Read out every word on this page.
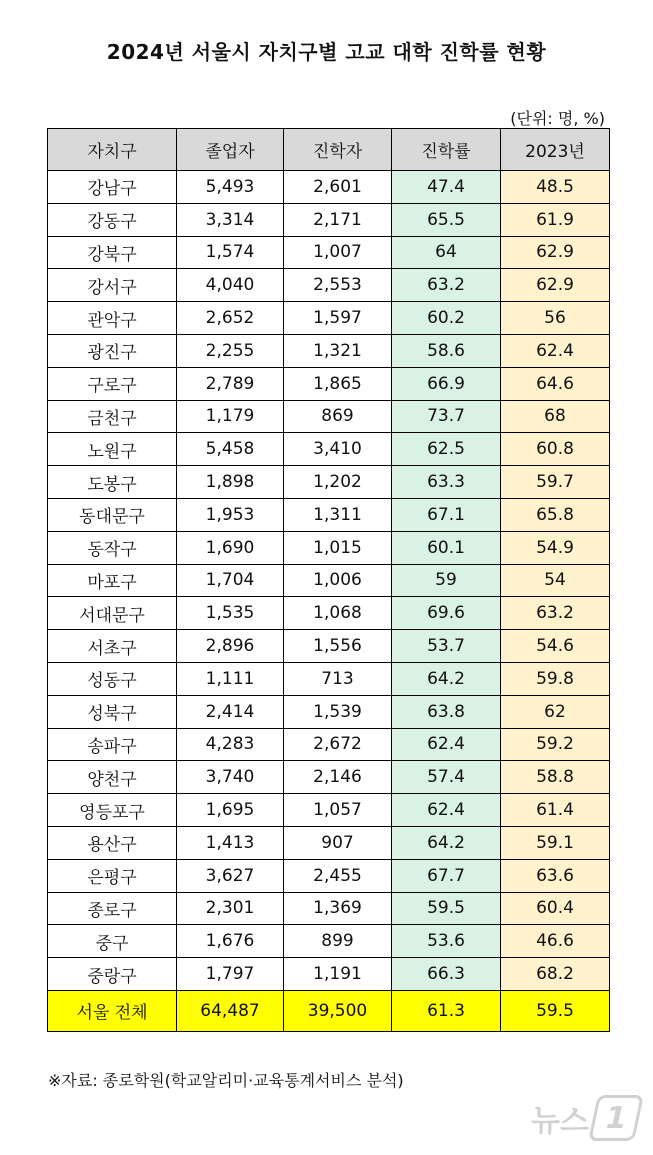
2024년 서울시 자치구별 고교 대학 진학률 현황
(단위: 명, %)
자치구	졸업자	진학자	진학률	2023년
강남구	5,493	2,601	47.4	48.5
강동구	3,314	2,171	65.5	61.9
강북구	1,574	1,007	64	62.9
강서구	4,040	2,553	63.2	62.9
관악구	2,652	1,597	60.2	56
광진구	2,255	1,321	58.6	62.4
구로구	2,789	1,865	66.9	64.6
금천구	1,179	869	73.7	68
노원구	5,458	3,410	62.5	60.8
도봉구	1,898	1,202	63.3	59.7
동대문구	1,953	1,311	67.1	65.8
동작구	1,690	1,015	60.1	54.9
마포구	1,704	1,006	59	54
서대문구	1,535	1,068	69.6	63.2
서초구	2,896	1,556	53.7	54.6
성동구	1,111	713	64.2	59.8
성북구	2,414	1,539	63.8	62
송파구	4,283	2,672	62.4	59.2
양천구	3,740	2,146	57.4	58.8
영등포구	1,695	1,057	62.4	61.4
용산구	1,413	907	64.2	59.1
은평구	3,627	2,455	67.7	63.6
종로구	2,301	1,369	59.5	60.4
중구	1,676	899	53.6	46.6
중랑구	1,797	1,191	66.3	68.2
서울 전체	64,487	39,500	61.3	59.5
※자료: 종로학원(학교알리미·교육통계서비스 분석)
뉴스 1
